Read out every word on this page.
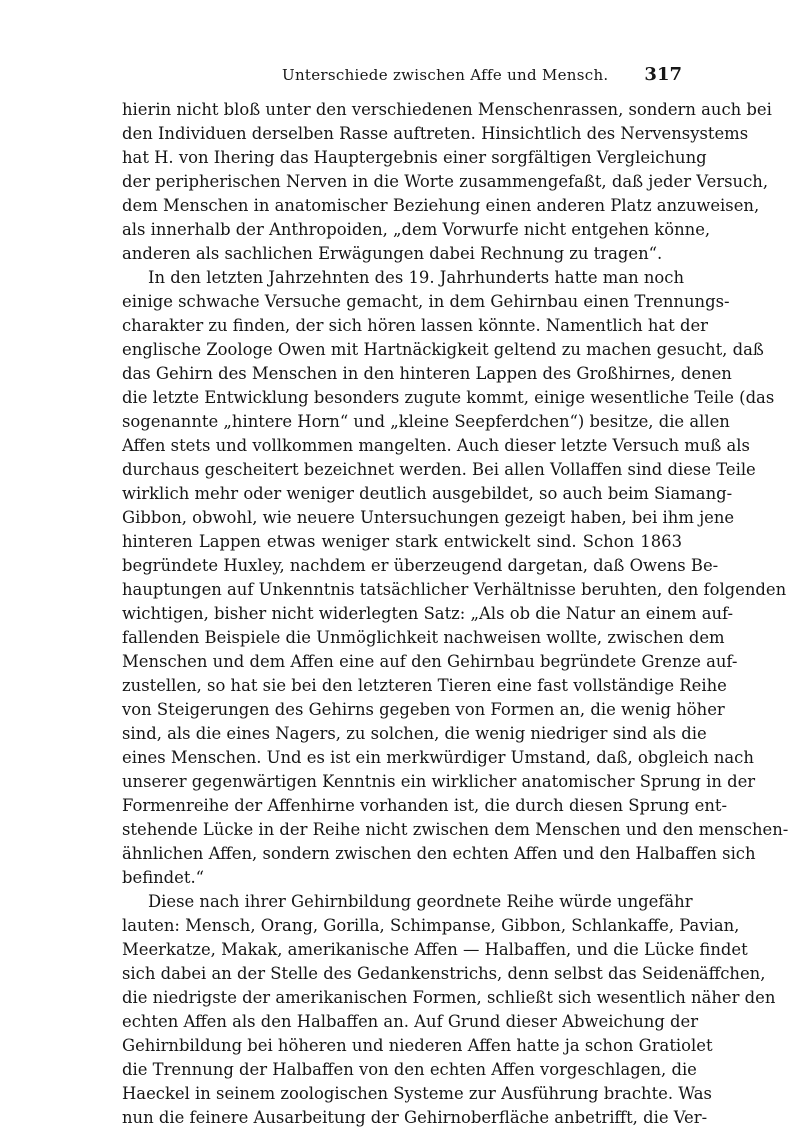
Unterschiede zwischen Affe und Mensch. 317
hierin nicht bloß unter den verschiedenen Menschenrassen, sondern auch bei
den Individuen derselben Rasse auftreten. Hinsichtlich des Nervensystems
hat H. von Ihering das Hauptergebnis einer sorgfältigen Vergleichung
der peripherischen Nerven in die Worte zusammengefaßt, daß jeder Versuch,
dem Menschen in anatomischer Beziehung einen anderen Platz anzuweisen,
als innerhalb der Anthropoiden, „dem Vorwurfe nicht entgehen könne,
anderen als sachlichen Erwägungen dabei Rechnung zu tragen“.
In den letzten Jahrzehnten des 19. Jahrhunderts hatte man noch
einige schwache Versuche gemacht, in dem Gehirnbau einen Trennungs-
charakter zu finden, der sich hören lassen könnte. Namentlich hat der
englische Zoologe Owen mit Hartnäckigkeit geltend zu machen gesucht, daß
das Gehirn des Menschen in den hinteren Lappen des Großhirnes, denen
die letzte Entwicklung besonders zugute kommt, einige wesentliche Teile (das
sogenannte „hintere Horn“ und „kleine Seepferdchen“) besitze, die allen
Affen stets und vollkommen mangelten. Auch dieser letzte Versuch muß als
durchaus gescheitert bezeichnet werden. Bei allen Vollaffen sind diese Teile
wirklich mehr oder weniger deutlich ausgebildet, so auch beim Siamang-
Gibbon, obwohl, wie neuere Untersuchungen gezeigt haben, bei ihm jene
hinteren Lappen etwas weniger stark entwickelt sind. Schon 1863
begründete Huxley, nachdem er überzeugend dargetan, daß Owens Be-
hauptungen auf Unkenntnis tatsächlicher Verhältnisse beruhten, den folgenden
wichtigen, bisher nicht widerlegten Satz: „Als ob die Natur an einem auf-
fallenden Beispiele die Unmöglichkeit nachweisen wollte, zwischen dem
Menschen und dem Affen eine auf den Gehirnbau begründete Grenze auf-
zustellen, so hat sie bei den letzteren Tieren eine fast vollständige Reihe
von Steigerungen des Gehirns gegeben von Formen an, die wenig höher
sind, als die eines Nagers, zu solchen, die wenig niedriger sind als die
eines Menschen. Und es ist ein merkwürdiger Umstand, daß, obgleich nach
unserer gegenwärtigen Kenntnis ein wirklicher anatomischer Sprung in der
Formenreihe der Affenhirne vorhanden ist, die durch diesen Sprung ent-
stehende Lücke in der Reihe nicht zwischen dem Menschen und den menschen-
ähnlichen Affen, sondern zwischen den echten Affen und den Halbaffen sich
befindet.“
Diese nach ihrer Gehirnbildung geordnete Reihe würde ungefähr
lauten: Mensch, Orang, Gorilla, Schimpanse, Gibbon, Schlankaffe, Pavian,
Meerkatze, Makak, amerikanische Affen — Halbaffen, und die Lücke findet
sich dabei an der Stelle des Gedankenstrichs, denn selbst das Seidenäffchen,
die niedrigste der amerikanischen Formen, schließt sich wesentlich näher den
echten Affen als den Halbaffen an. Auf Grund dieser Abweichung der
Gehirnbildung bei höheren und niederen Affen hatte ja schon Gratiolet
die Trennung der Halbaffen von den echten Affen vorgeschlagen, die
Haeckel in seinem zoologischen Systeme zur Ausführung brachte. Was
nun die feinere Ausarbeitung der Gehirnoberfläche anbetrifft, die Ver-
